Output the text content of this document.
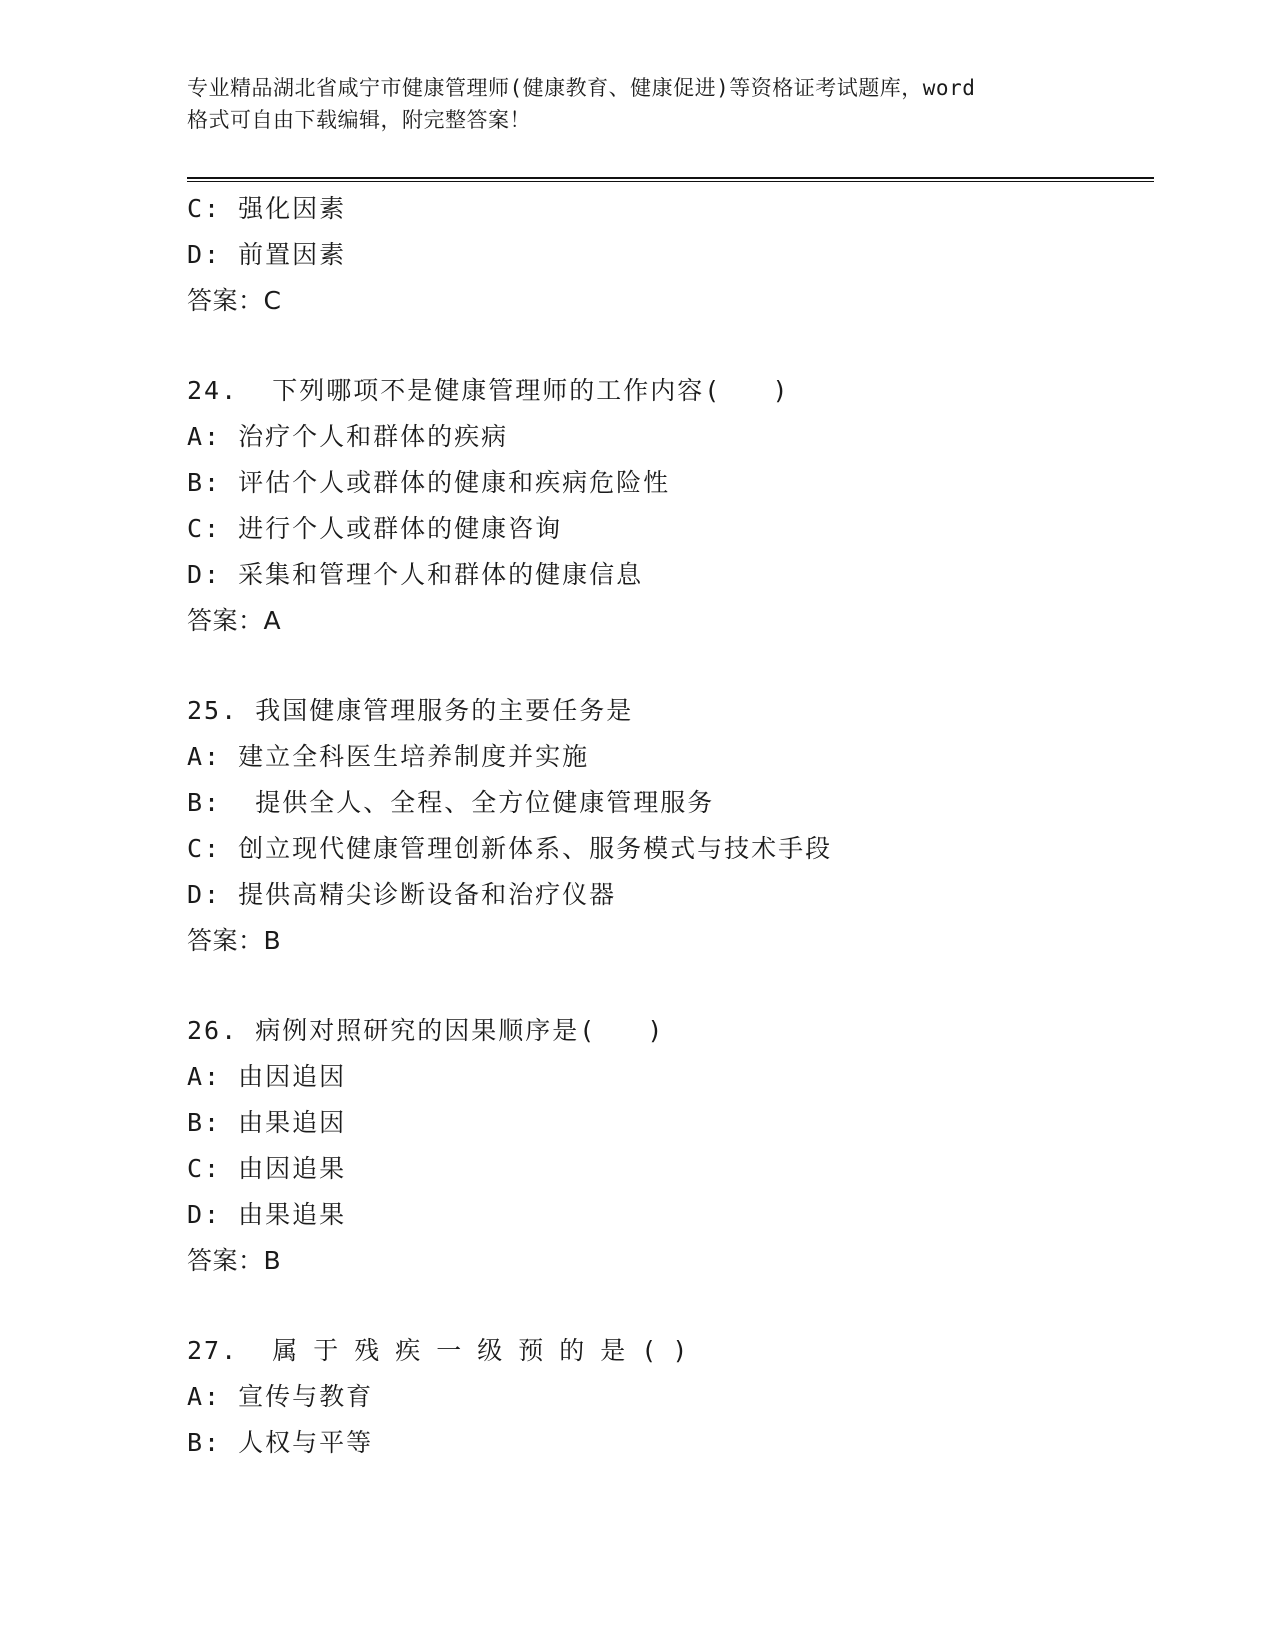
专业精品湖北省咸宁市健康管理师(健康教育、健康促进)等资格证考试题库，word
格式可自由下载编辑，附完整答案！
C: 强化因素
D: 前置因素
答案：C
24.  下列哪项不是健康管理师的工作内容(   )
A: 治疗个人和群体的疾病
B: 评估个人或群体的健康和疾病危险性
C: 进行个人或群体的健康咨询
D: 采集和管理个人和群体的健康信息
答案：A
25. 我国健康管理服务的主要任务是
A: 建立全科医生培养制度并实施
B:  提供全人、全程、全方位健康管理服务
C: 创立现代健康管理创新体系、服务模式与技术手段
D: 提供高精尖诊断设备和治疗仪器
答案：B
26. 病例对照研究的因果顺序是(   )
A: 由因追因
B: 由果追因
C: 由因追果
D: 由果追果
答案：B
27. 属于残疾一级预的是()
A: 宣传与教育
B: 人权与平等
